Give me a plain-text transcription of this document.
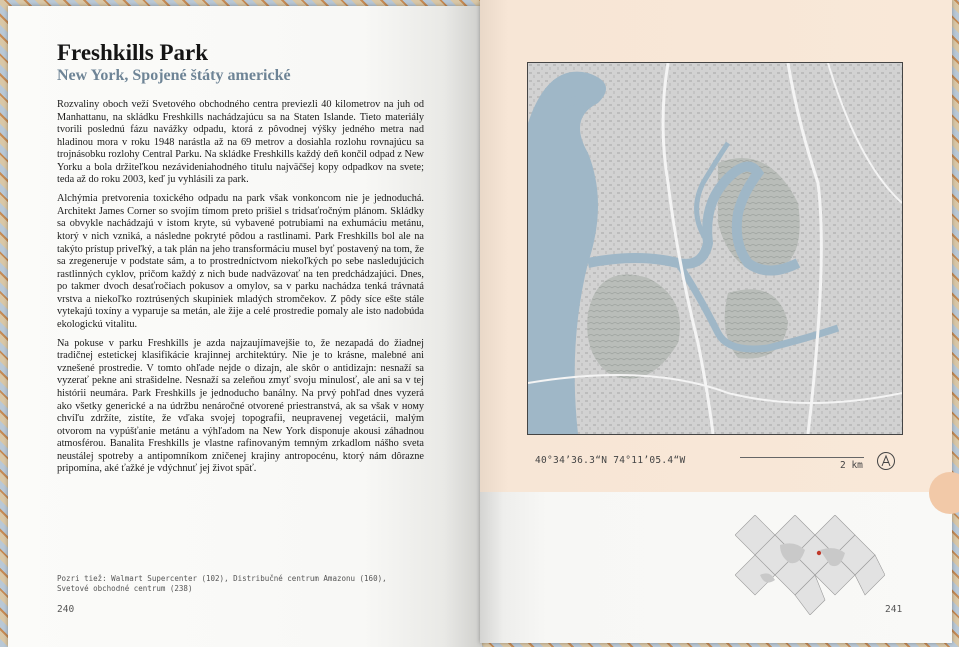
Freshkills Park
New York, Spojené štáty americké

Rozvaliny oboch veží Svetového obchodného centra previezli 40 kilometrov na juh od Manhattanu, na skládku Freshkills nachádzajúcu sa na Staten Islande. Tieto materiály tvorili poslednú fázu navážky odpadu, ktorá z pôvodnej výšky jedného metra nad hladinou mora v roku 1948 narástla až na 69 metrov a dosiahla rozlohu rovnajúcu sa trojnásobku rozlohy Central Parku. Na skládke Freshkills každý deň končil odpad z New Yorku a bola držiteľkou nezávideniahodného titulu najväčšej kopy odpadkov na svete; teda až do roku 2003, keď ju vyhlásili za park.

Alchýmia pretvorenia toxického odpadu na park však vonkoncom nie je jednoduchá. Architekt James Corner so svojím tímom preto prišiel s tridsaťročným plánom. Skládky sa obvykle nachádzajú v istom kryte, sú vybavené potrubiami na exhumáciu metánu, ktorý v nich vzniká, a následne pokryté pôdou a rastlinami. Park Freshkills bol ale na takýto prístup priveľký, a tak plán na jeho transformáciu musel byť postavený na tom, že sa zregeneruje v podstate sám, a to prostredníctvom niekoľkých po sebe nasledujúcich rastlinných cyklov, pričom každý z nich bude nadväzovať na ten predchádzajúci. Dnes, po takmer dvoch desaťročiach pokusov a omylov, sa v parku nachádza tenká trávnatá vrstva a niekoľko roztrúsených skupiniek mladých stromčekov. Z pôdy síce ešte stále vytekajú toxíny a vyparuje sa metán, ale žije a celé prostredie pomaly ale isto nadobúda ekologickú vitalitu.

Na pokuse v parku Freshkills je azda najzaujímavejšie to, že nezapadá do žiadnej tradičnej estetickej klasifikácie krajinnej architektúry. Nie je to krásne, malebné ani vznešené prostredie. V tomto ohľade nejde o dizajn, ale skôr o antidizajn: nesnaží sa vyzerať pekne ani strašidelne. Nesnaží sa zeleňou zmyť svoju minulosť, ale ani sa v tej histórii neumára. Park Freshkills je jednoducho banálny. Na prvý pohľad dnes vyzerá ako všetky generické a na údržbu nenáročné otvorené priestranstvá, ak sa však v ному chvíľu zdržíte, zistíte, že vďaka svojej topografii, neupravenej vegetácii, malým otvorom na vypúšťanie metánu a výhľadom na New York disponuje akousi záhadnou atmosférou. Banalita Freshkills je vlastne rafinovaným temným zrkadlom nášho sveta neustálej spotreby a antipomníkom zničenej krajiny antropocénu, ktorý nám dôrazne pripomína, aké ťažké je vdýchnuť jej život späť.

Pozri tiež: Walmart Supercenter (102), Distribučné centrum Amazonu (160),
Svetové obchodné centrum (238)
240
40°34’36.3“N 74°11’05.4“W	2 km
241
